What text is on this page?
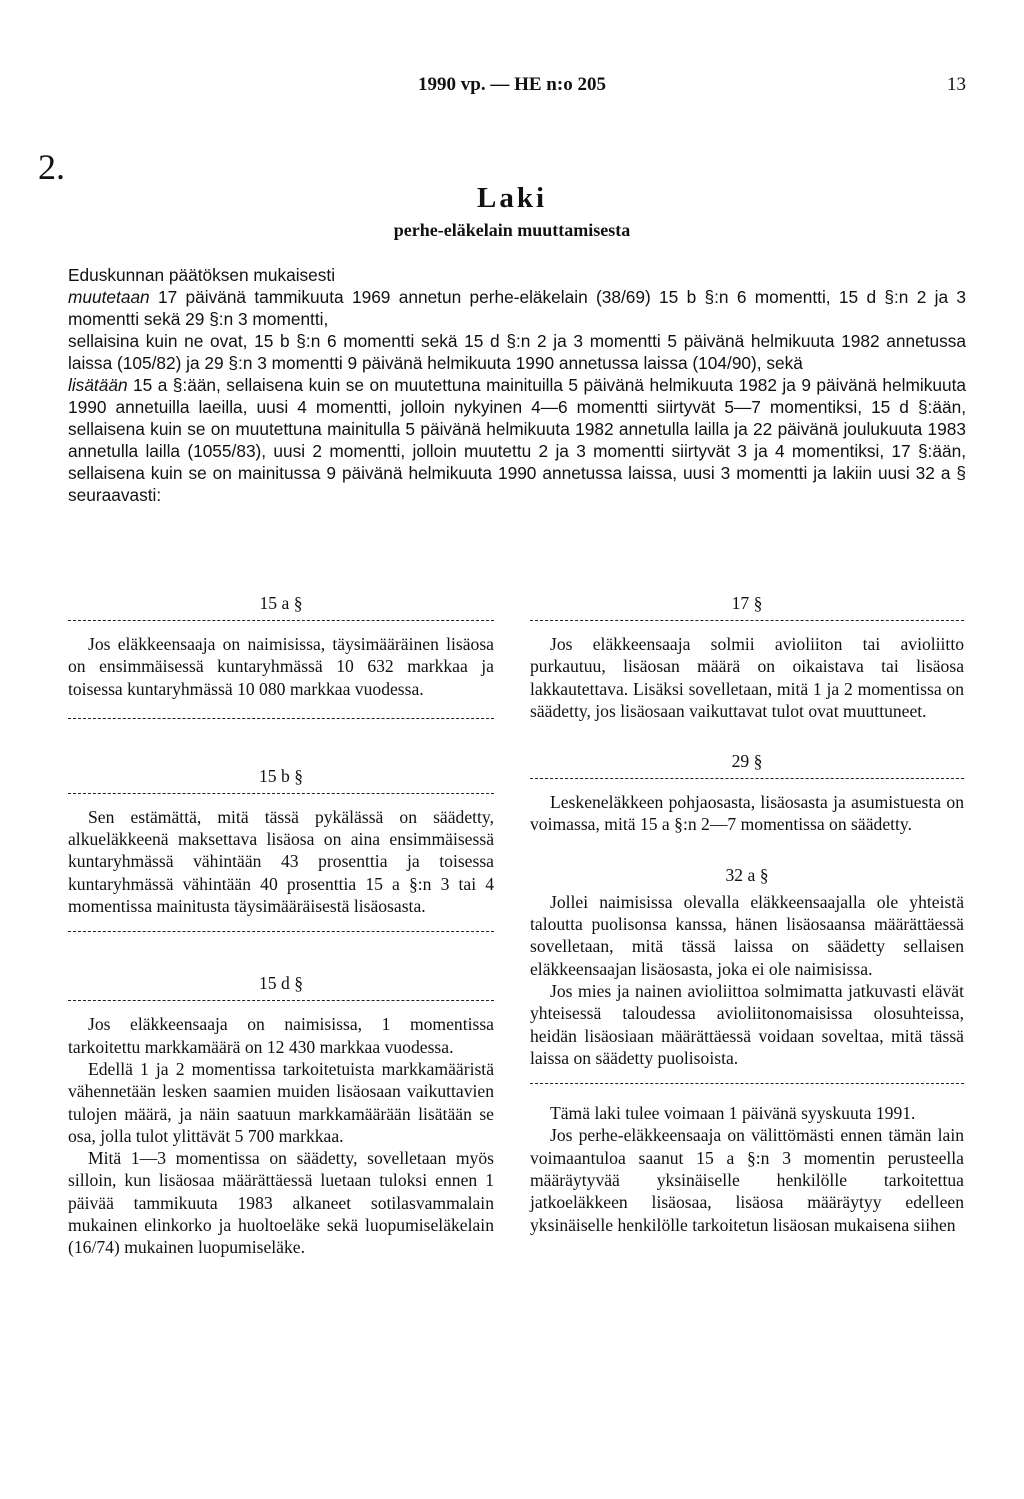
1990 vp. — HE n:o 205	13
2.
Laki
perhe-eläkelain muuttamisesta

Eduskunnan päätöksen mukaisesti

muutetaan 17 päivänä tammikuuta 1969 annetun perhe-eläkelain (38/69) 15 b §:n 6 momentti, 15 d §:n 2 ja 3 momentti sekä 29 §:n 3 momentti,

sellaisina kuin ne ovat, 15 b §:n 6 momentti sekä 15 d §:n 2 ja 3 momentti 5 päivänä helmikuuta 1982 annetussa laissa (105/82) ja 29 §:n 3 momentti 9 päivänä helmikuuta 1990 annetussa laissa (104/90), sekä

lisätään 15 a §:ään, sellaisena kuin se on muutettuna mainituilla 5 päivänä helmikuuta 1982 ja 9 päivänä helmikuuta 1990 annetuilla laeilla, uusi 4 momentti, jolloin nykyinen 4—6 momentti siirtyvät 5—7 momentiksi, 15 d §:ään, sellaisena kuin se on muutettuna mainitulla 5 päivänä helmikuuta 1982 annetulla lailla ja 22 päivänä joulukuuta 1983 annetulla lailla (1055/83), uusi 2 momentti, jolloin muutettu 2 ja 3 momentti siirtyvät 3 ja 4 momentiksi, 17 §:ään, sellaisena kuin se on mainitussa 9 päivänä helmikuuta 1990 annetussa laissa, uusi 3 momentti ja lakiin uusi 32 a § seuraavasti:

15 a §

Jos eläkkeensaaja on naimisissa, täysimääräinen lisäosa on ensimmäisessä kuntaryhmässä 10 632 markkaa ja toisessa kuntaryhmässä 10 080 markkaa vuodessa.

15 b §

Sen estämättä, mitä tässä pykälässä on säädetty, alkueläkkeenä maksettava lisäosa on aina ensimmäisessä kuntaryhmässä vähintään 43 prosenttia ja toisessa kuntaryhmässä vähintään 40 prosenttia 15 a §:n 3 tai 4 momentissa mainitusta täysimääräisestä lisäosasta.

15 d §

Jos eläkkeensaaja on naimisissa, 1 momentissa tarkoitettu markkamäärä on 12 430 markkaa vuodessa.

Edellä 1 ja 2 momentissa tarkoitetuista markkamääristä vähennetään lesken saamien muiden lisäosaan vaikuttavien tulojen määrä, ja näin saatuun markkamäärään lisätään se osa, jolla tulot ylittävät 5 700 markkaa.

Mitä 1—3 momentissa on säädetty, sovelletaan myös silloin, kun lisäosaa määrättäessä luetaan tuloksi ennen 1 päivää tammikuuta 1983 alkaneet sotilasvammalain mukainen elinkorko ja huoltoeläke sekä luopumiseläkelain (16/74) mukainen luopumiseläke.

17 §

Jos eläkkeensaaja solmii avioliiton tai avioliitto purkautuu, lisäosan määrä on oikaistava tai lisäosa lakkautettava. Lisäksi sovelletaan, mitä 1 ja 2 momentissa on säädetty, jos lisäosaan vaikuttavat tulot ovat muuttuneet.

29 §

Leskeneläkkeen pohjaosasta, lisäosasta ja asumistuesta on voimassa, mitä 15 a §:n 2—7 momentissa on säädetty.

32 a §

Jollei naimisissa olevalla eläkkeensaajalla ole yhteistä taloutta puolisonsa kanssa, hänen lisäosaansa määrättäessä sovelletaan, mitä tässä laissa on säädetty sellaisen eläkkeensaajan lisäosasta, joka ei ole naimisissa.

Jos mies ja nainen avioliittoa solmimatta jatkuvasti elävät yhteisessä taloudessa avioliitonomaisissa olosuhteissa, heidän lisäosiaan määrättäessä voidaan soveltaa, mitä tässä laissa on säädetty puolisoista.

Tämä laki tulee voimaan 1 päivänä syyskuuta 1991.

Jos perhe-eläkkeensaaja on välittömästi ennen tämän lain voimaantuloa saanut 15 a §:n 3 momentin perusteella määräytyvää yksinäiselle henkilölle tarkoitettua jatkoeläkkeen lisäosaa, lisäosa määräytyy edelleen yksinäiselle henkilölle tarkoitetun lisäosan mukaisena siihen
